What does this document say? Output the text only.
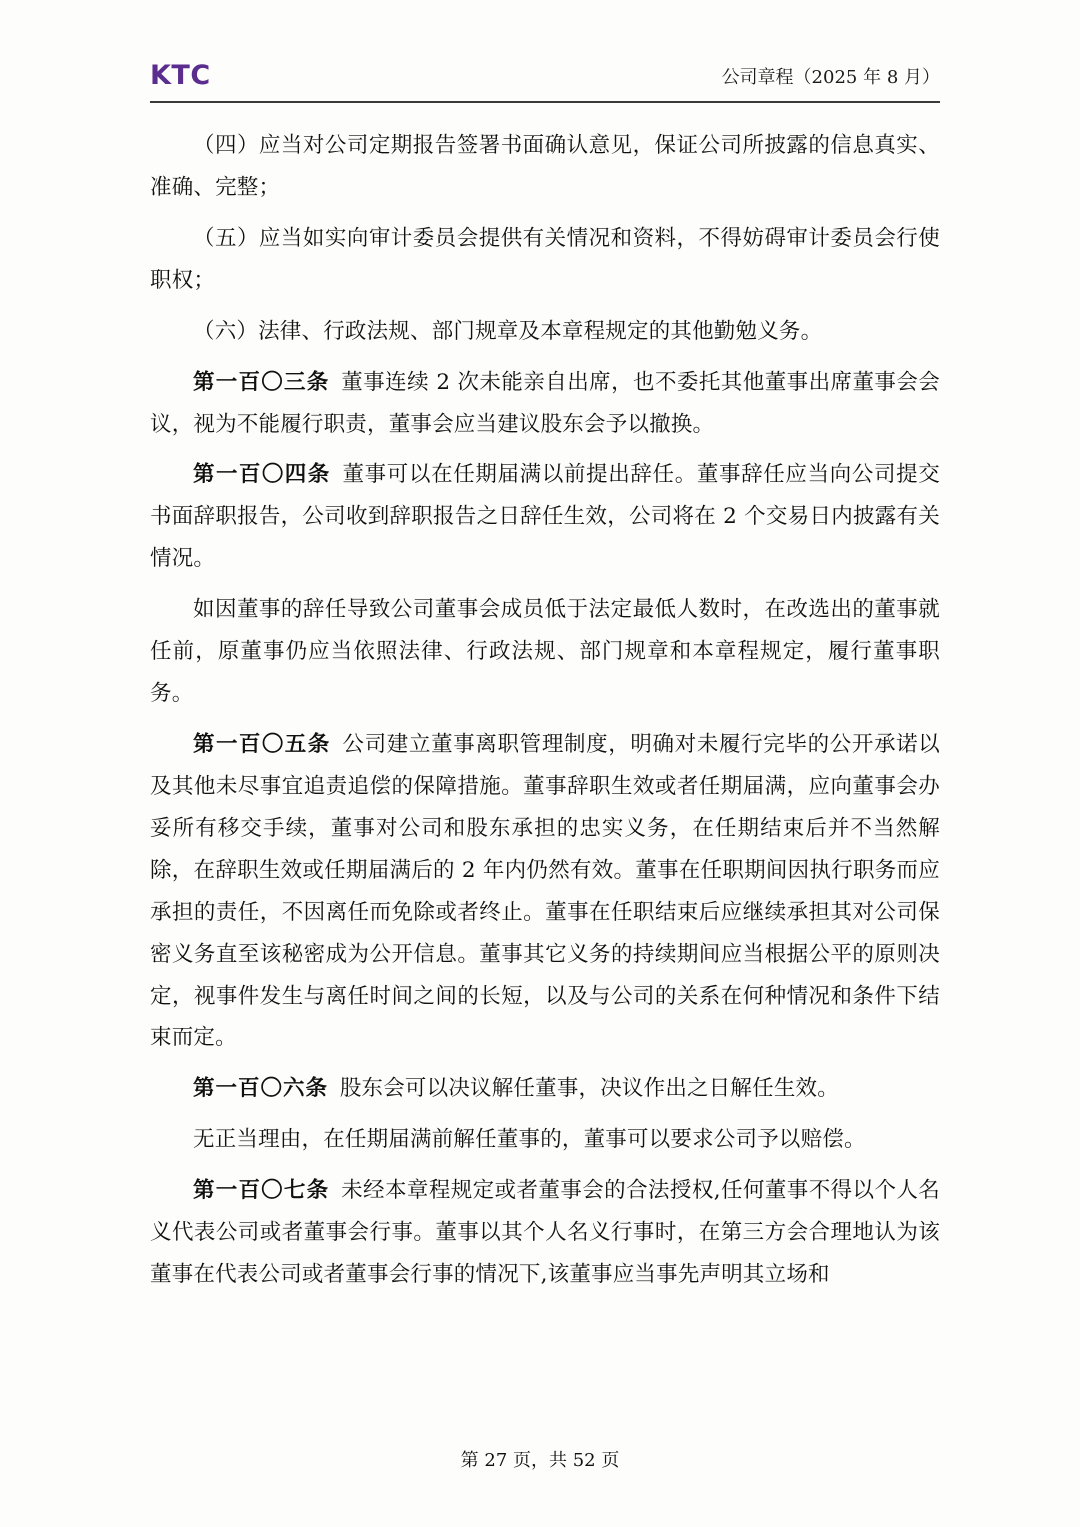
KTC	公司章程（2025 年 8 月）

（四）应当对公司定期报告签署书面确认意见，保证公司所披露的信息真实、准确、完整；

（五）应当如实向审计委员会提供有关情况和资料，不得妨碍审计委员会行使职权；

（六）法律、行政法规、部门规章及本章程规定的其他勤勉义务。

第一百〇三条 董事连续 2 次未能亲自出席，也不委托其他董事出席董事会会议，视为不能履行职责，董事会应当建议股东会予以撤换。

第一百〇四条 董事可以在任期届满以前提出辞任。董事辞任应当向公司提交书面辞职报告，公司收到辞职报告之日辞任生效，公司将在 2 个交易日内披露有关情况。

如因董事的辞任导致公司董事会成员低于法定最低人数时，在改选出的董事就任前，原董事仍应当依照法律、行政法规、部门规章和本章程规定，履行董事职务。

第一百〇五条 公司建立董事离职管理制度，明确对未履行完毕的公开承诺以及其他未尽事宜追责追偿的保障措施。董事辞职生效或者任期届满，应向董事会办妥所有移交手续，董事对公司和股东承担的忠实义务，在任期结束后并不当然解除，在辞职生效或任期届满后的 2 年内仍然有效。董事在任职期间因执行职务而应承担的责任，不因离任而免除或者终止。董事在任职结束后应继续承担其对公司保密义务直至该秘密成为公开信息。董事其它义务的持续期间应当根据公平的原则决定，视事件发生与离任时间之间的长短，以及与公司的关系在何种情况和条件下结束而定。

第一百〇六条 股东会可以决议解任董事，决议作出之日解任生效。

无正当理由，在任期届满前解任董事的，董事可以要求公司予以赔偿。

第一百〇七条 未经本章程规定或者董事会的合法授权,任何董事不得以个人名义代表公司或者董事会行事。董事以其个人名义行事时，在第三方会合理地认为该董事在代表公司或者董事会行事的情况下,该董事应当事先声明其立场和

第 27 页，共 52 页
